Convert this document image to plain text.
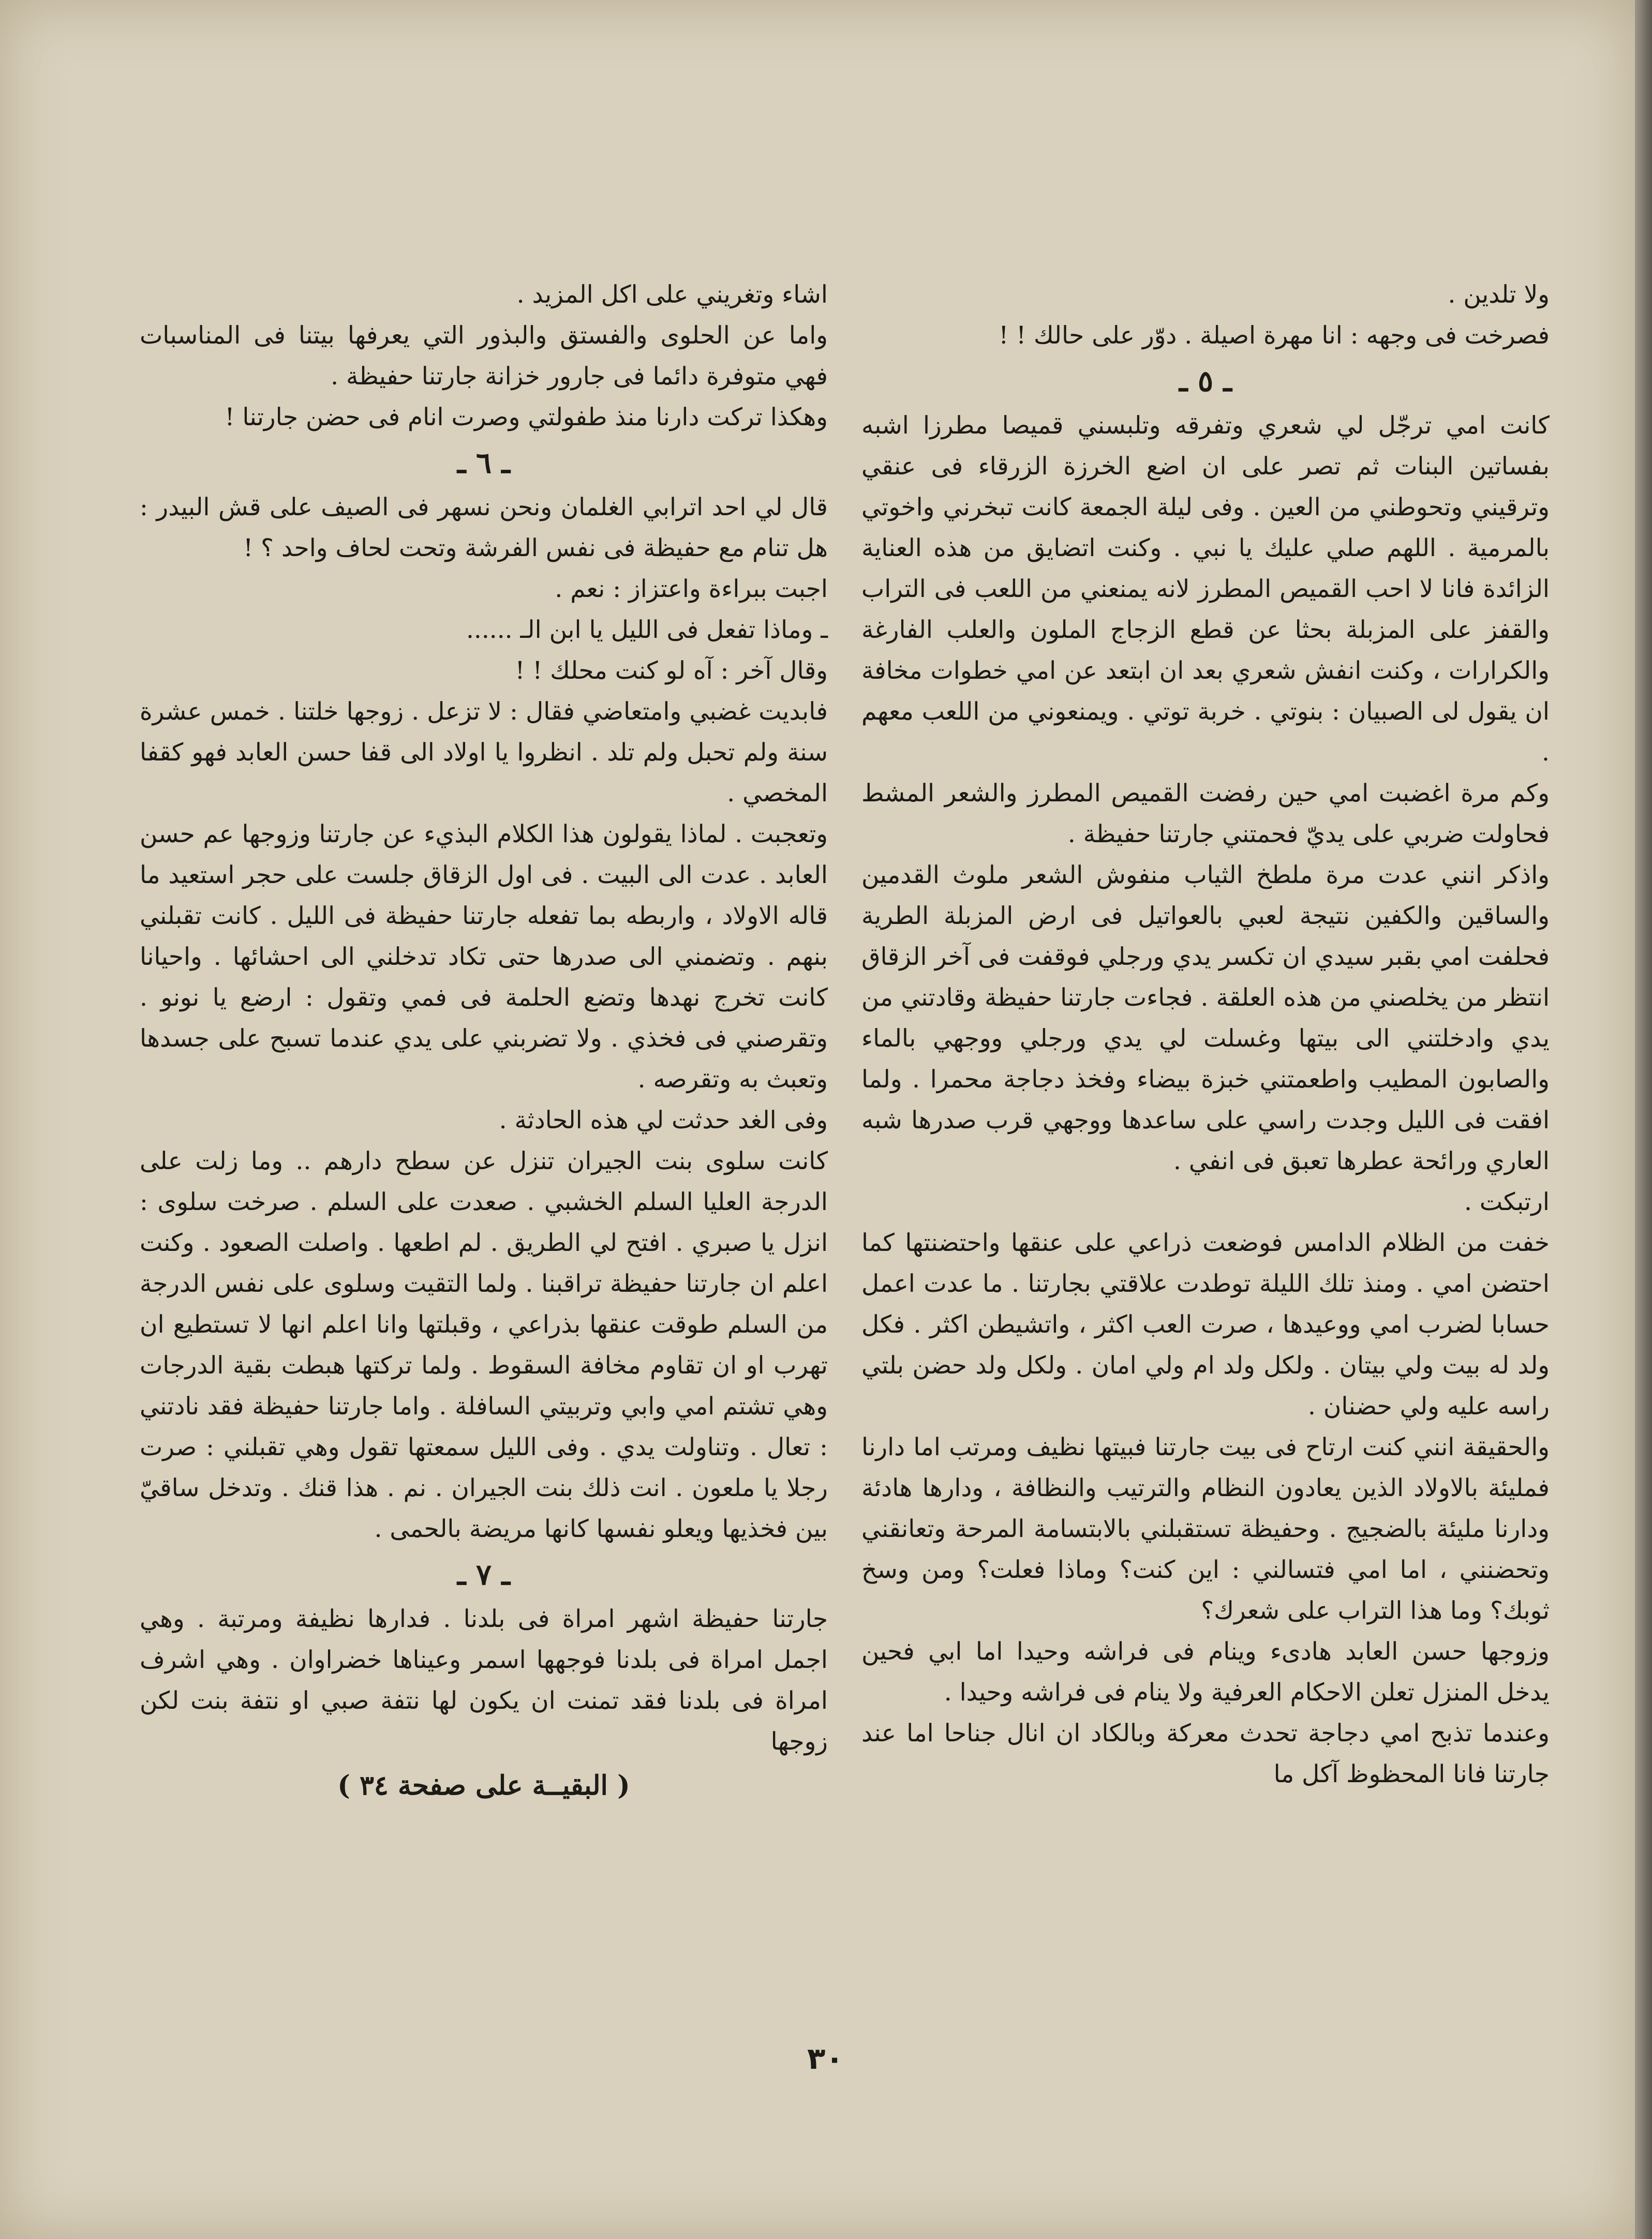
ولا تلدين .

فصرخت فى وجهه : انا مهرة اصيلة . دوّر على حالك ! !

ـ ٥ ـ

كانت امي ترجّل لي شعري وتفرقه وتلبسني قميصا مطرزا اشبه بفساتين البنات ثم تصر على ان اضع الخرزة الزرقاء فى عنقي وترقيني وتحوطني من العين . وفى ليلة الجمعة كانت تبخرني واخوتي بالمرمية . اللهم صلي عليك يا نبي . وكنت اتضايق من هذه العناية الزائدة فانا لا احب القميص المطرز لانه يمنعني من اللعب فى التراب والقفز على المزبلة بحثا عن قطع الزجاج الملون والعلب الفارغة والكرارات ، وكنت انفش شعري بعد ان ابتعد عن امي خطوات مخافة ان يقول لى الصبيان : بنوتي . خربة توتي . ويمنعوني من اللعب معهم .

وكم مرة اغضبت امي حين رفضت القميص المطرز والشعر المشط فحاولت ضربي على يديّ فحمتني جارتنا حفيظة .

واذكر انني عدت مرة ملطخ الثياب منفوش الشعر ملوث القدمين والساقين والكفين نتيجة لعبي بالعواتيل فى ارض المزبلة الطرية فحلفت امي بقبر سيدي ان تكسر يدي ورجلي فوقفت فى آخر الزقاق انتظر من يخلصني من هذه العلقة . فجاءت جارتنا حفيظة وقادتني من يدي وادخلتني الى بيتها وغسلت لي يدي ورجلي ووجهي بالماء والصابون المطيب واطعمتني خبزة بيضاء وفخذ دجاجة محمرا . ولما افقت فى الليل وجدت راسي على ساعدها ووجهي قرب صدرها شبه العاري ورائحة عطرها تعبق فى انفي .

ارتبكت .

خفت من الظلام الدامس فوضعت ذراعي على عنقها واحتضنتها كما احتضن امي . ومنذ تلك الليلة توطدت علاقتي بجارتنا . ما عدت اعمل حسابا لضرب امي ووعيدها ، صرت العب اكثر ، واتشيطن اكثر . فكل ولد له بيت ولي بيتان . ولكل ولد ام ولي امان . ولكل ولد حضن بلتي راسه عليه ولي حضنان .

والحقيقة انني كنت ارتاح فى بيت جارتنا فبيتها نظيف ومرتب اما دارنا فمليئة بالاولاد الذين يعادون النظام والترتيب والنظافة ، ودارها هادئة ودارنا مليئة بالضجيج . وحفيظة تستقبلني بالابتسامة المرحة وتعانقني وتحضنني ، اما امي فتسالني : اين كنت؟ وماذا فعلت؟ ومن وسخ ثوبك؟ وما هذا التراب على شعرك؟

وزوجها حسن العابد هادىء وينام فى فراشه وحيدا اما ابي فحين يدخل المنزل تعلن الاحكام العرفية ولا ينام فى فراشه وحيدا .

وعندما تذبح امي دجاجة تحدث معركة وبالكاد ان انال جناحا اما عند جارتنا فانا المحظوظ آكل ما

اشاء وتغريني على اكل المزيد .

واما عن الحلوى والفستق والبذور التي يعرفها بيتنا فى المناسبات فهي متوفرة دائما فى جارور خزانة جارتنا حفيظة .

وهكذا تركت دارنا منذ طفولتي وصرت انام فى حضن جارتنا !

ـ ٦ ـ

قال لي احد اترابي الغلمان ونحن نسهر فى الصيف على قش البيدر : هل تنام مع حفيظة فى نفس الفرشة وتحت لحاف واحد ؟ !

اجبت ببراءة واعتزاز : نعم .

ـ وماذا تفعل فى الليل يا ابن الـ ......

وقال آخر : آه لو كنت محلك ! !

فابديت غضبي وامتعاضي فقال : لا تزعل . زوجها خلتنا . خمس عشرة سنة ولم تحبل ولم تلد . انظروا يا اولاد الى قفا حسن العابد فهو كقفا المخصي .

وتعجبت . لماذا يقولون هذا الكلام البذيء عن جارتنا وزوجها عم حسن العابد . عدت الى البيت . فى اول الزقاق جلست على حجر استعيد ما قاله الاولاد ، واربطه بما تفعله جارتنا حفيظة فى الليل . كانت تقبلني بنهم . وتضمني الى صدرها حتى تكاد تدخلني الى احشائها . واحيانا كانت تخرج نهدها وتضع الحلمة فى فمي وتقول : ارضع يا نونو . وتقرصني فى فخذي . ولا تضربني على يدي عندما تسبح على جسدها وتعبث به وتقرصه .

وفى الغد حدثت لي هذه الحادثة .

كانت سلوى بنت الجيران تنزل عن سطح دارهم .. وما زلت على الدرجة العليا السلم الخشبي . صعدت على السلم . صرخت سلوى : انزل يا صبري . افتح لي الطريق . لم اطعها . واصلت الصعود . وكنت اعلم ان جارتنا حفيظة تراقبنا . ولما التقيت وسلوى على نفس الدرجة من السلم طوقت عنقها بذراعي ، وقبلتها وانا اعلم انها لا تستطيع ان تهرب او ان تقاوم مخافة السقوط . ولما تركتها هبطت بقية الدرجات وهي تشتم امي وابي وتربيتي السافلة . واما جارتنا حفيظة فقد نادتني : تعال . وتناولت يدي . وفى الليل سمعتها تقول وهي تقبلني : صرت رجلا يا ملعون . انت ذلك بنت الجيران . نم . هذا قنك . وتدخل ساقيّ بين فخذيها ويعلو نفسها كانها مريضة بالحمى .

ـ ٧ ـ

جارتنا حفيظة اشهر امراة فى بلدنا . فدارها نظيفة ومرتبة . وهي اجمل امراة فى بلدنا فوجهها اسمر وعيناها خضراوان . وهي اشرف امراة فى بلدنا فقد تمنت ان يكون لها نتفة صبي او نتفة بنت لكن زوجها

( البقيــة على صفحة ٣٤ )
٣٠
